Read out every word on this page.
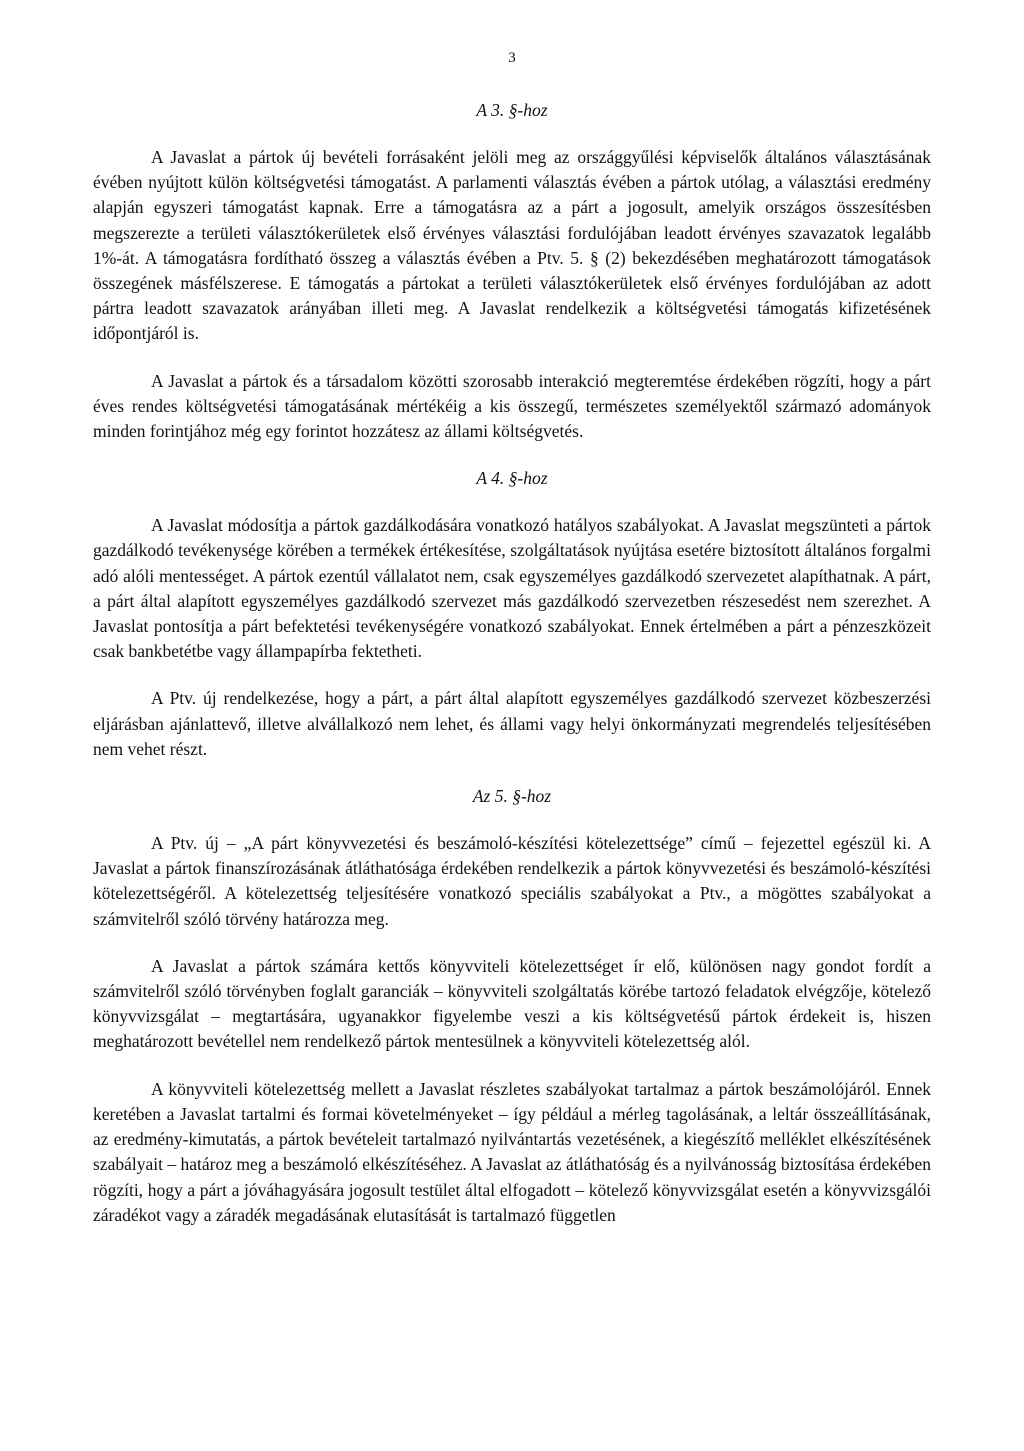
3
A 3. §-hoz

A Javaslat a pártok új bevételi forrásaként jelöli meg az országgyűlési képviselők általános választásának évében nyújtott külön költségvetési támogatást. A parlamenti választás évében a pártok utólag, a választási eredmény alapján egyszeri támogatást kapnak. Erre a támogatásra az a párt a jogosult, amelyik országos összesítésben megszerezte a területi választókerületek első érvényes választási fordulójában leadott érvényes szavazatok legalább 1%-át. A támogatásra fordítható összeg a választás évében a Ptv. 5. § (2) bekezdésében meghatározott támogatások összegének másfélszerese. E támogatás a pártokat a területi választókerületek első érvényes fordulójában az adott pártra leadott szavazatok arányában illeti meg. A Javaslat rendelkezik a költségvetési támogatás kifizetésének időpontjáról is.

A Javaslat a pártok és a társadalom közötti szorosabb interakció megteremtése érdekében rögzíti, hogy a párt éves rendes költségvetési támogatásának mértékéig a kis összegű, természetes személyektől származó adományok minden forintjához még egy forintot hozzátesz az állami költségvetés.

A 4. §-hoz

A Javaslat módosítja a pártok gazdálkodására vonatkozó hatályos szabályokat. A Javaslat megszünteti a pártok gazdálkodó tevékenysége körében a termékek értékesítése, szolgáltatások nyújtása esetére biztosított általános forgalmi adó alóli mentességet. A pártok ezentúl vállalatot nem, csak egyszemélyes gazdálkodó szervezetet alapíthatnak. A párt, a párt által alapított egyszemélyes gazdálkodó szervezet más gazdálkodó szervezetben részesedést nem szerezhet. A Javaslat pontosítja a párt befektetési tevékenységére vonatkozó szabályokat. Ennek értelmében a párt a pénzeszközeit csak bankbetétbe vagy állampapírba fektetheti.

A Ptv. új rendelkezése, hogy a párt, a párt által alapított egyszemélyes gazdálkodó szervezet közbeszerzési eljárásban ajánlattevő, illetve alvállalkozó nem lehet, és állami vagy helyi önkormányzati megrendelés teljesítésében nem vehet részt.

Az 5. §-hoz

A Ptv. új – „A párt könyvvezetési és beszámoló-készítési kötelezettsége” című – fejezettel egészül ki. A Javaslat a pártok finanszírozásának átláthatósága érdekében rendelkezik a pártok könyvvezetési és beszámoló-készítési kötelezettségéről. A kötelezettség teljesítésére vonatkozó speciális szabályokat a Ptv., a mögöttes szabályokat a számvitelről szóló törvény határozza meg.

A Javaslat a pártok számára kettős könyvviteli kötelezettséget ír elő, különösen nagy gondot fordít a számvitelről szóló törvényben foglalt garanciák – könyvviteli szolgáltatás körébe tartozó feladatok elvégzője, kötelező könyvvizsgálat – megtartására, ugyanakkor figyelembe veszi a kis költségvetésű pártok érdekeit is, hiszen meghatározott bevétellel nem rendelkező pártok mentesülnek a könyvviteli kötelezettség alól.

A könyvviteli kötelezettség mellett a Javaslat részletes szabályokat tartalmaz a pártok beszámolójáról. Ennek keretében a Javaslat tartalmi és formai követelményeket – így például a mérleg tagolásának, a leltár összeállításának, az eredmény-kimutatás, a pártok bevételeit tartalmazó nyilvántartás vezetésének, a kiegészítő melléklet elkészítésének szabályait – határoz meg a beszámoló elkészítéséhez. A Javaslat az átláthatóság és a nyilvánosság biztosítása érdekében rögzíti, hogy a párt a jóváhagyására jogosult testület által elfogadott – kötelező könyvvizsgálat esetén a könyvvizsgálói záradékot vagy a záradék megadásának elutasítását is tartalmazó független
